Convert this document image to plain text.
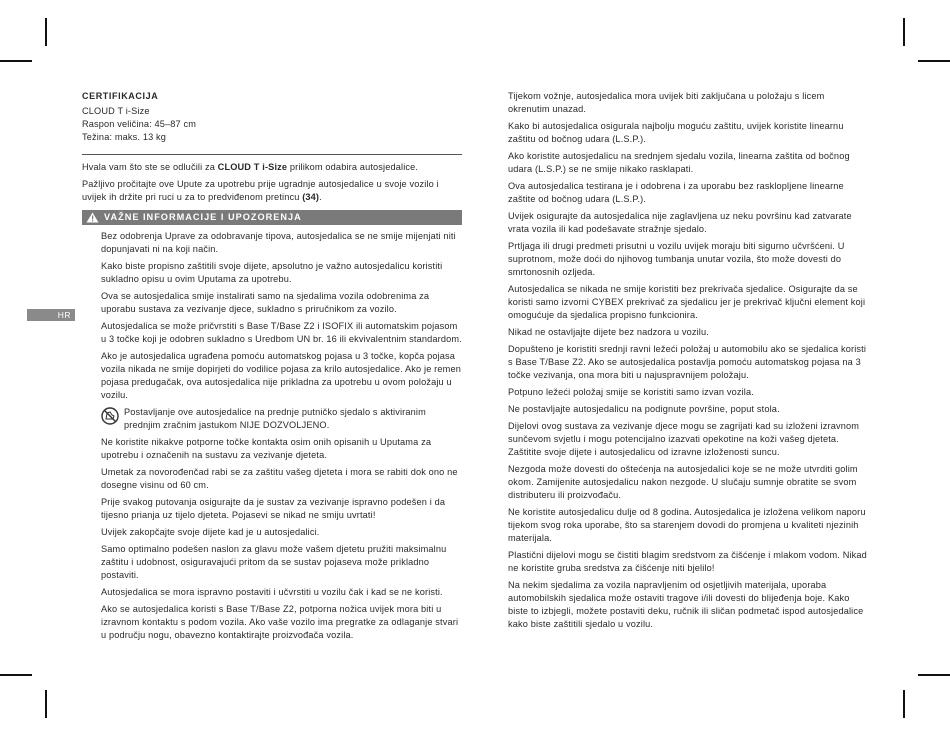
HR
CERTIFIKACIJA
CLOUD T i-Size
Raspon veličina: 45–87 cm
Težina: maks. 13 kg

Hvala vam što ste se odlučili za CLOUD T i-Size prilikom odabira autosjedalice.

Pažljivo pročitajte ove Upute za upotrebu prije ugradnje autosjedalice u svoje vozilo i uvijek ih držite pri ruci u za to predviđenom pretincu (34).

VAŽNE INFORMACIJE I UPOZORENJA

Bez odobrenja Uprave za odobravanje tipova, autosjedalica se ne smije mijenjati niti dopunjavati ni na koji način.

Kako biste propisno zaštitili svoje dijete, apsolutno je važno autosjedalicu koristiti sukladno opisu u ovim Uputama za upotrebu.

Ova se autosjedalica smije instalirati samo na sjedalima vozila odobrenima za uporabu sustava za vezivanje djece, sukladno s priručnikom za vozilo.

Autosjedalica se može pričvrstiti s Base T/Base Z2 i ISOFIX ili automatskim pojasom u 3 točke koji je odobren sukladno s Uredbom UN br. 16 ili ekvivalentnim standardom.

Ako je autosjedalica ugrađena pomoću automatskog pojasa u 3 točke, kopča pojasa vozila nikada ne smije dopirjeti do vodilice pojasa za krilo autosjedalice. Ako je remen pojasa predugačak, ova autosjedalica nije prikladna za upotrebu u ovom položaju u vozilu.

Postavljanje ove autosjedalice na prednje putničko sjedalo s aktiviranim prednjim zračnim jastukom NIJE DOZVOLJENO.

Ne koristite nikakve potporne točke kontakta osim onih opisanih u Uputama za upotrebu i označenih na sustavu za vezivanje djeteta.

Umetak za novorođenčad rabi se za zaštitu vašeg djeteta i mora se rabiti dok ono ne dosegne visinu od 60 cm.

Prije svakog putovanja osigurajte da je sustav za vezivanje ispravno podešen i da tijesno prianja uz tijelo djeteta. Pojasevi se nikad ne smiju uvrtati!

Uvijek zakopčajte svoje dijete kad je u autosjedalici.

Samo optimalno podešen naslon za glavu može vašem djetetu pružiti maksimalnu zaštitu i udobnost, osiguravajući pritom da se sustav pojaseva može prikladno postaviti.

Autosjedalica se mora ispravno postaviti i učvrstiti u vozilu čak i kad se ne koristi.

Ako se autosjedalica koristi s Base T/Base Z2, potporna nožica uvijek mora biti u izravnom kontaktu s podom vozila. Ako vaše vozilo ima pregratke za odlaganje stvari u području nogu, obavezno kontaktirajte proizvođača vozila.

Tijekom vožnje, autosjedalica mora uvijek biti zaključana u položaju s licem okrenutim unazad.

Kako bi autosjedalica osigurala najbolju moguću zaštitu, uvijek koristite linearnu zaštitu od bočnog udara (L.S.P.).

Ako koristite autosjedalicu na srednjem sjedalu vozila, linearna zaštita od bočnog udara (L.S.P.) se ne smije nikako rasklapati.

Ova autosjedalica testirana je i odobrena i za uporabu bez rasklopljene linearne zaštite od bočnog udara (L.S.P.).

Uvijek osigurajte da autosjedalica nije zaglavljena uz neku površinu kad zatvarate vrata vozila ili kad podešavate stražnje sjedalo.

Prtljaga ili drugi predmeti prisutni u vozilu uvijek moraju biti sigurno učvršćeni. U suprotnom, može doći do njihovog tumbanja unutar vozila, što može dovesti do smrtonosnih ozljeda.

Autosjedalica se nikada ne smije koristiti bez prekrivača sjedalice. Osigurajte da se koristi samo izvorni CYBEX prekrivač za sjedalicu jer je prekrivač ključni element koji omogućuje da sjedalica propisno funkcionira.

Nikad ne ostavljajte dijete bez nadzora u vozilu.

Dopušteno je koristiti srednji ravni ležeći položaj u automobilu ako se sjedalica koristi s Base T/Base Z2. Ako se autosjedalica postavlja pomoću automatskog pojasa na 3 točke vezivanja, ona mora biti u najuspravnijem položaju.

Potpuno ležeći položaj smije se koristiti samo izvan vozila.

Ne postavljajte autosjedalicu na podignute površine, poput stola.

Dijelovi ovog sustava za vezivanje djece mogu se zagrijati kad su izloženi izravnom sunčevom svjetlu i mogu potencijalno izazvati opekotine na koži vašeg djeteta. Zaštitite svoje dijete i autosjedalicu od izravne izloženosti suncu.

Nezgoda može dovesti do oštećenja na autosjedalici koje se ne može utvrditi golim okom. Zamijenite autosjedalicu nakon nezgode. U slučaju sumnje obratite se svom distributeru ili proizvođaču.

Ne koristite autosjedalicu dulje od 8 godina. Autosjedalica je izložena velikom naporu tijekom svog roka uporabe, što sa starenjem dovodi do promjena u kvaliteti njezinih materijala.

Plastični dijelovi mogu se čistiti blagim sredstvom za čišćenje i mlakom vodom. Nikad ne koristite gruba sredstva za čišćenje niti bjelilo!

Na nekim sjedalima za vozila napravljenim od osjetljivih materijala, uporaba automobilskih sjedalica može ostaviti tragove i/ili dovesti do blijeđenja boje. Kako biste to izbjegli, možete postaviti deku, ručnik ili sličan podmetač ispod autosjedalice kako biste zaštitili sjedalo u vozilu.
